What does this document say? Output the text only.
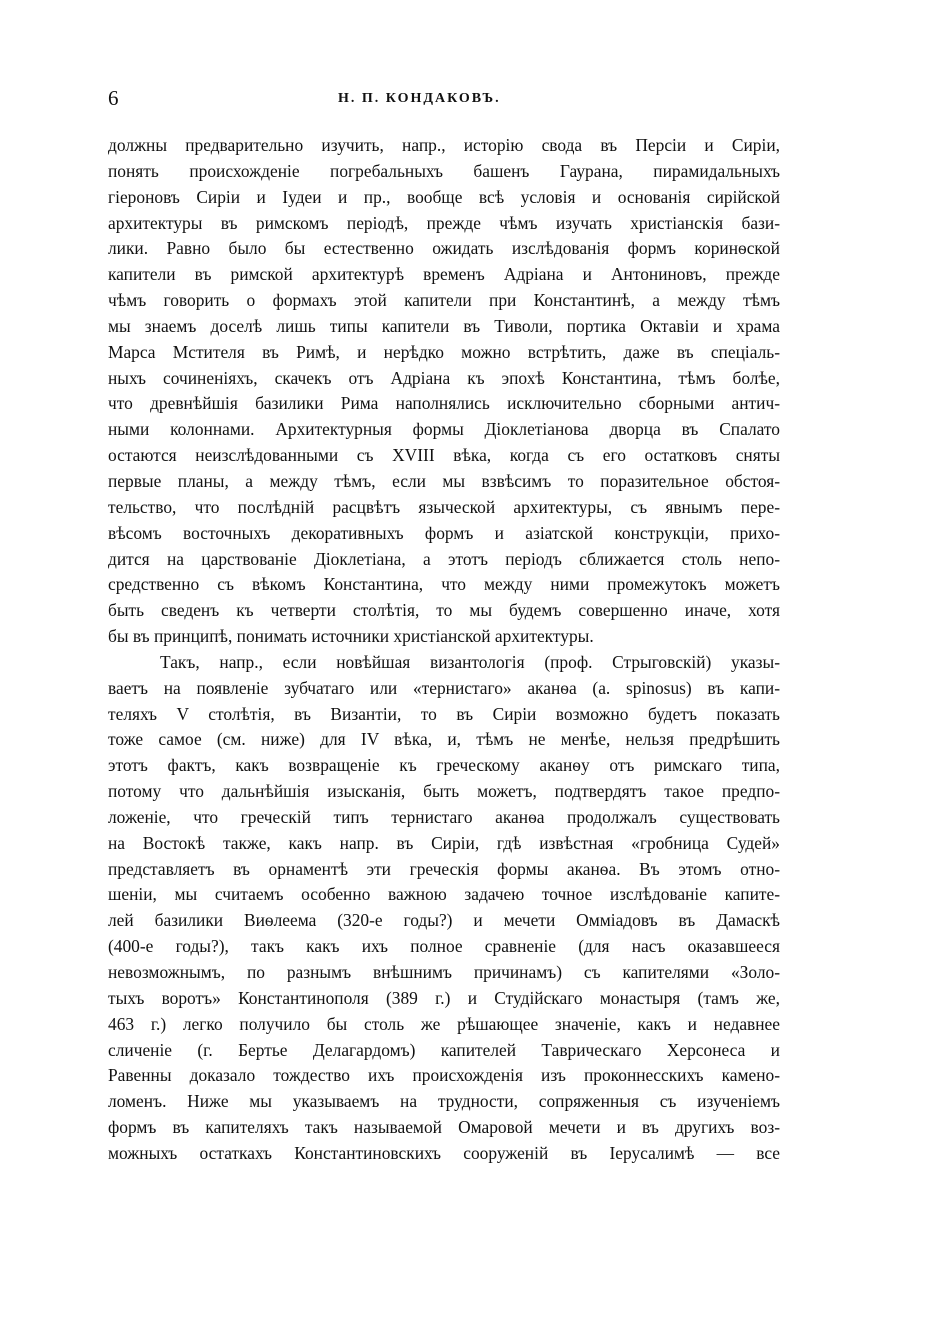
6	Н. П. КОНДАКОВЪ.
должны предварительно изучить, напр., исторію свода въ Персіи и Сиріи,
понять происхожденіе погребальныхъ башенъ Гаурана, пирамидальныхъ
гіероновъ Сиріи и Іудеи и пр., вообще всѣ условія и основанія сирійской
архитектуры въ римскомъ періодѣ, прежде чѣмъ изучать христіанскія бази-
лики. Равно было бы естественно ожидать изслѣдованія формъ коринѳской
капители въ римской архитектурѣ временъ Адріана и Антониновъ, прежде
чѣмъ говорить о формахъ этой капители при Константинѣ, а между тѣмъ
мы знаемъ доселѣ лишь типы капители въ Тиволи, портика Октавіи и храма
Марса Мстителя въ Римѣ, и нерѣдко можно встрѣтить, даже въ спеціаль-
ныхъ сочиненіяхъ, скачекъ отъ Адріана къ эпохѣ Константина, тѣмъ болѣе,
что древнѣйшія базилики Рима наполнялись исключительно сборными антич-
ными колоннами. Архитектурныя формы Діоклетіанова дворца въ Спалато
остаются неизслѣдованными съ XVIII вѣка, когда съ его остатковъ сняты
первые планы, а между тѣмъ, если мы взвѣсимъ то поразительное обстоя-
тельство, что послѣдній расцвѣтъ языческой архитектуры, съ явнымъ пере-
вѣсомъ восточныхъ декоративныхъ формъ и азіатской конструкціи, прихо-
дится на царствованіе Діоклетіана, а этотъ періодъ сближается столь непо-
средственно съ вѣкомъ Константина, что между ними промежутокъ можетъ
быть сведенъ къ четверти столѣтія, то мы будемъ совершенно иначе, хотя
бы въ принципѣ, понимать источники христіанской архитектуры.
Такъ, напр., если новѣйшая византологія (проф. Стрыговскій) указы-
ваетъ на появленіе зубчатаго или «тернистаго» аканѳа (a. spinosus) въ капи-
теляхъ V столѣтія, въ Византіи, то въ Сиріи возможно будетъ показать
тоже самое (см. ниже) для IV вѣка, и, тѣмъ не менѣе, нельзя предрѣшить
этотъ фактъ, какъ возвращеніе къ греческому аканѳу отъ римскаго типа,
потому что дальнѣйшія изысканія, быть можетъ, подтвердятъ такое предпо-
ложеніе, что греческій типъ тернистаго аканѳа продолжалъ существовать
на Востокѣ также, какъ напр. въ Сиріи, гдѣ извѣстная «гробница Судей»
представляетъ въ орнаментѣ эти греческія формы аканѳа. Въ этомъ отно-
шеніи, мы считаемъ особенно важною задачею точное изслѣдованіе капите-
лей базилики Виѳлеема (320-е годы?) и мечети Омміадовъ въ Дамаскѣ
(400-е годы?), такъ какъ ихъ полное сравненіе (для насъ оказавшееся
невозможнымъ, по разнымъ внѣшнимъ причинамъ) съ капителями «Золо-
тыхъ воротъ» Константинополя (389 г.) и Студійскаго монастыря (тамъ же,
463 г.) легко получило бы столь же рѣшающее значеніе, какъ и недавнее
сличеніе (г. Бертье Делагардомъ) капителей Таврическаго Херсонеса и
Равенны доказало тождество ихъ происхожденія изъ проконнеcскихъ камено-
ломенъ. Ниже мы указываемъ на трудности, сопряженныя съ изученіемъ
формъ въ капителяхъ такъ называемой Омаровой мечети и въ другихъ воз-
можныхъ остаткахъ Константиновскихъ сооруженій въ Іерусалимѣ — все
